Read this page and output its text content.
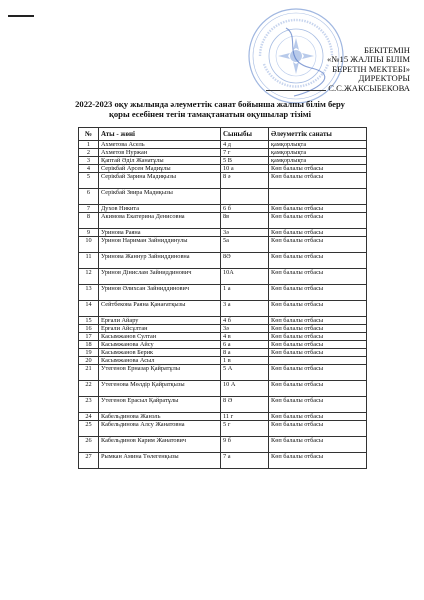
БЕКІТЕМІН
«№15 ЖАЛПЫ БІЛІМ
БЕРЕТІН МЕКТЕБІ»
ДИРЕКТОРЫ
С.С.ЖАКСЫБЕКОВА
2022-2023 оқу жылында әлеуметтік санат бойынша жалпы білім беру
қоры есебінен тегін тамақтанатын оқушылар тізімі
№	Аты - жөні	Сыныбы	Әлеуметтік санаты
1	Ахметова Асель	4 д	қамқорлықта
2	Ахметов Нуржан	7 г	қамқорлықта
3	Қаптай Әділ Жанатұлы	5 В	қамқорлықта
4	Серікбай Арсен Мадиұлы	10 а	Көп балалы отбасы
5	Серікбай Зарина Мадиқызы	8 ә	Көп балалы отбасы
6	Серікбай Звира Мадиқызы		
7	Духов Никита	6 б	Көп балалы отбасы
8	Акимова Екатерина Денисовна	8в	Көп балалы отбасы
9	Уринова Раяна	3ә	Көп балалы отбасы
10	Уринов Нариман Зайниддинулы	5а	Көп балалы отбасы
11	Уринова Жаннур Зайниддиновна	8Ә	Көп балалы отбасы
12	Уринов Дінислам Зайниддинович	10А	Көп балалы отбасы
13	Уринов Әлихсан Зайниддинович	1 а	Көп балалы отбасы
14	Сейтбекова Раяна Қанағатқызы	3 а	Көп балалы отбасы
15	Ерғали Айару	4 б	Көп балалы отбасы
16	Ерғали Айсұлтан	3ә	Көп балалы отбасы
17	Касымжанов Султан	4 в	Көп балалы отбасы
18	Касымжанова Айсу	6 а	Көп балалы отбасы
19	Касымжанов Берик	8 а	Көп балалы отбасы
20	Касымжанова Асыл	1 в	
21	Утегенов Ерназар Қайратұлы	5 А	Көп балалы отбасы
22	Утегенова Мөлдір Қайратқызы	10 А	Көп балалы отбасы
23	Утегенов Ерасыл Қайратұлы	8 Ә	Көп балалы отбасы
24	Кабельдинова Жанэль	11 г	Көп балалы отбасы
25	Кабельдинова Алсу Жанатовна	5 г	Көп балалы отбасы
26	Кабельдинов Карим Жанатович	9 б	Көп балалы отбасы
27	Рымкан Амина Төлегенқызы	7 а	Көп балалы отбасы
